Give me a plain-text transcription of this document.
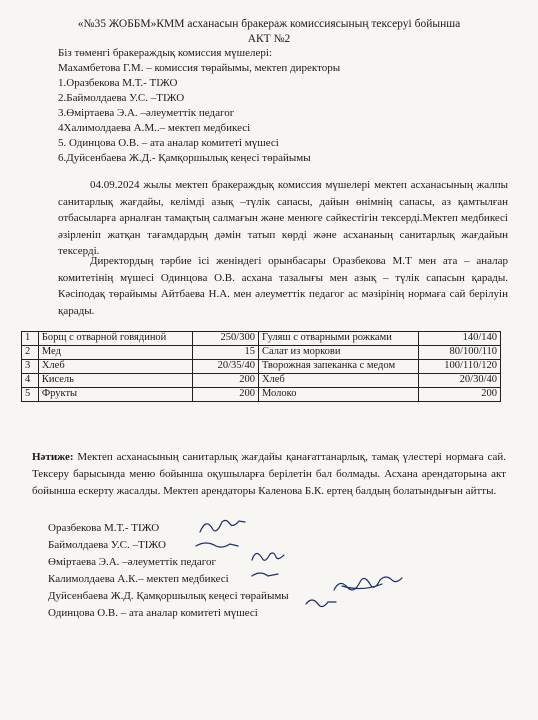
«№35 ЖОББМ»КММ асханасын бракераж комиссиясының тексеруі бойынша
АКТ №2
Біз төменгі бракераждық комиссия мүшелері:
Махамбетова Г.М. – комиссия төрайымы, мектеп директоры
1.Оразбекова М.Т.- ТІЖО
2.Баймолдаева У.С. –ТІЖО
3.Өміртаева Э.А. –әлеуметтік педагог
4Халимолдаева А.М..– мектеп медбикесі
5. Одинцова О.В. – ата аналар комитеті мүшесі
6.Дуйсенбаева Ж.Д.- Қамқоршылық кеңесі төрайымы
04.09.2024 жылы мектеп бракераждық комиссия мүшелері мектеп асханасының жалпы санитарлық жағдайы, келімді азық –түлік сапасы, дайын өнімнің сапасы, аз қамтылған отбасыларға арналған тамақтың салмағын және менюге сәйкестігін тексерді.Мектеп медбикесі әзірленіп жатқан тағамдардың дәмін татып көрді және асхананың санитарлық жағдайын тексерді.
Директордың тәрбие ісі женіндегі орынбасары Оразбекова М.Т мен ата – аналар комитетінің мүшесі Одинцова О.В. асхана тазалығы мен азық – түлік сапасын қарады. Кәсіподақ төрайымы Айтбаева Н.А. мен әлеуметтік педагог ас мәзірінің нормаға сай берілуін қарады.
1	Борщ с отварной говядиной	250/300	Гуляш с отварными рожками	140/140
2	Мед	15	Салат из моркови	80/100/110
3	Хлеб	20/35/40	Творожная запеканка с медом	100/110/120
4	Кисель	200	Хлеб	20/30/40
5	Фрукты	200	Молоко	200
Нәтиже: Мектеп асханасының санитарлық жағдайы қанағаттанарлық, тамақ үлестері нормаға сай. Тексеру барысында меню бойынша оқушыларға берілетін бал болмады. Асхана арендаторына акт бойынша ескерту жасалды. Мектеп арендаторы Каленова Б.К. ертең балдың болатындығын айтты.
Оразбекова М.Т.- ТІЖО
Баймолдаева У.С. –ТІЖО
Өміртаева Э.А. –әлеуметтік педагог
Калимолдаева А.К.– мектеп медбикесі
Дуйсенбаева Ж.Д. Қамқоршылық кеңесі төрайымы
Одинцова О.В. – ата аналар комитеті мүшесі
